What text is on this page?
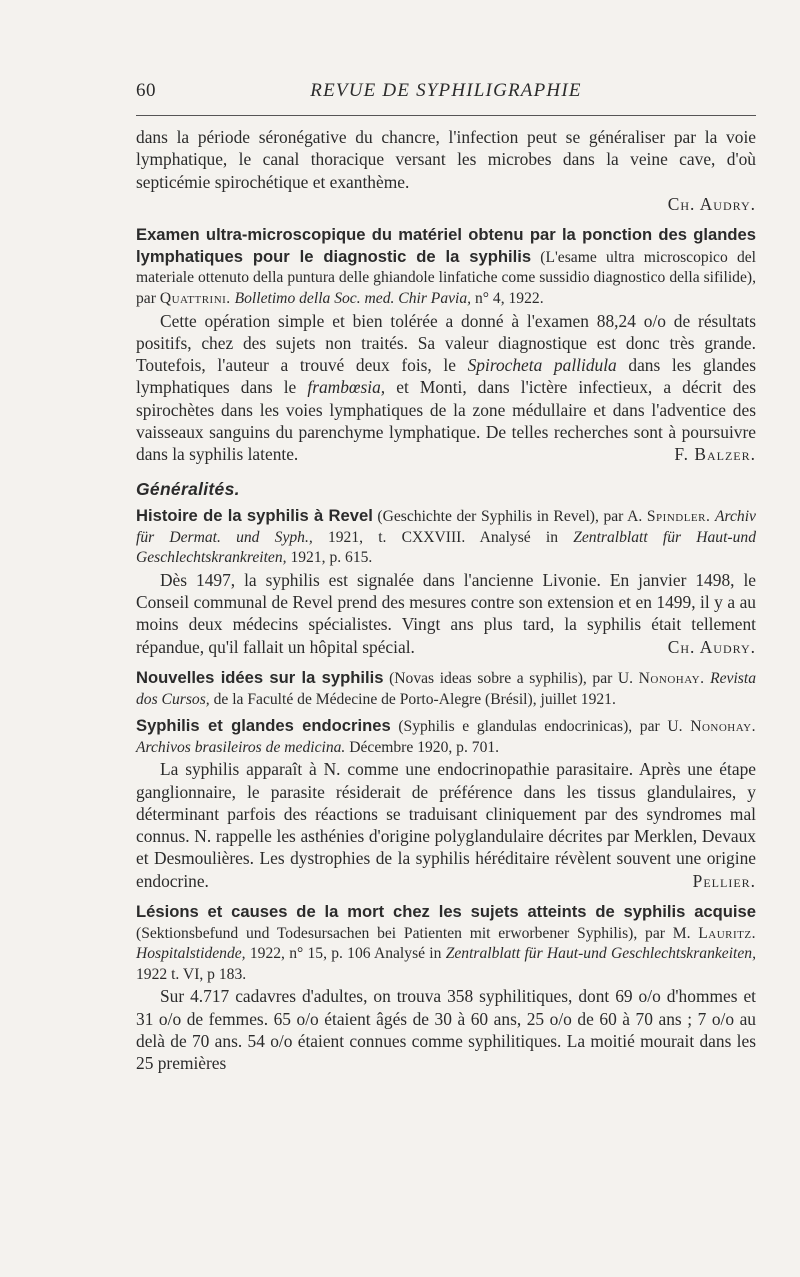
60	REVUE DE SYPHILIGRAPHIE

dans la période séronégative du chancre, l'infection peut se généraliser par la voie lymphatique, le canal thoracique versant les microbes dans la veine cave, d'où septicémie spirochétique et exanthème.

Ch. Audry.

Examen ultra-microscopique du matériel obtenu par la ponction des glandes lymphatiques pour le diagnostic de la syphilis (L'esame ultra microscopico del materiale ottenuto della puntura delle ghiandole linfatiche come sussidio diagnostico della sifilide), par Quattrini. Bolletimo della Soc. med. Chir Pavia, n° 4, 1922.

Cette opération simple et bien tolérée a donné à l'examen 88,24 o/o de résultats positifs, chez des sujets non traités. Sa valeur diagnostique est donc très grande. Toutefois, l'auteur a trouvé deux fois, le Spirocheta pallidula dans les glandes lymphatiques dans le frambœsia, et Monti, dans l'ictère infectieux, a décrit des spirochètes dans les voies lymphatiques de la zone médullaire et dans l'adventice des vaisseaux sanguins du parenchyme lymphatique. De telles recherches sont à poursuivre dans la syphilis latente.	F. Balzer.

Généralités.

Histoire de la syphilis à Revel (Geschichte der Syphilis in Revel), par A. Spindler. Archiv für Dermat. und Syph., 1921, t. CXXVIII. Analysé in Zentralblatt für Haut-und Geschlechtskrankreiten, 1921, p. 615.

Dès 1497, la syphilis est signalée dans l'ancienne Livonie. En janvier 1498, le Conseil communal de Revel prend des mesures contre son extension et en 1499, il y a au moins deux médecins spécialistes. Vingt ans plus tard, la syphilis était tellement répandue, qu'il fallait un hôpital spécial.	Ch. Audry.

Nouvelles idées sur la syphilis (Novas ideas sobre a syphilis), par U. Nonohay. Revista dos Cursos, de la Faculté de Médecine de Porto-Alegre (Brésil), juillet 1921.

Syphilis et glandes endocrines (Syphilis e glandulas endocrinicas), par U. Nonohay. Archivos brasileiros de medicina. Décembre 1920, p. 701.

La syphilis apparaît à N. comme une endocrinopathie parasitaire. Après une étape ganglionnaire, le parasite résiderait de préférence dans les tissus glandulaires, y déterminant parfois des réactions se traduisant cliniquement par des syndromes mal connus. N. rappelle les asthénies d'origine polyglandulaire décrites par Merklen, Devaux et Desmoulières. Les dystrophies de la syphilis héréditaire révèlent souvent une origine endocrine.	Pellier.

Lésions et causes de la mort chez les sujets atteints de syphilis acquise (Sektionsbefund und Todesursachen bei Patienten mit erworbener Syphilis), par M. Lauritz. Hospitalstidende, 1922, n° 15, p. 106 Analysé in Zentralblatt für Haut-und Geschlechtskrankeiten, 1922 t. VI, p 183.

Sur 4.717 cadavres d'adultes, on trouva 358 syphilitiques, dont 69 o/o d'hommes et 31 o/o de femmes. 65 o/o étaient âgés de 30 à 60 ans, 25 o/o de 60 à 70 ans ; 7 o/o au delà de 70 ans. 54 o/o étaient connues comme syphilitiques. La moitié mourait dans les 25 premières
